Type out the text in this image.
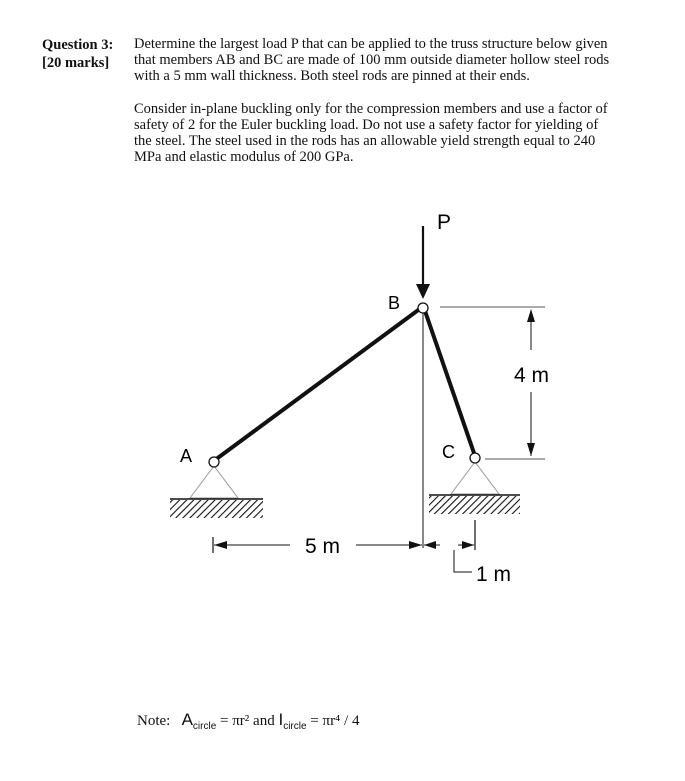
Question 3:
[20 marks]
Determine the largest load P that can be applied to the truss structure below given
that members AB and BC are made of 100 mm outside diameter hollow steel rods
with a 5 mm wall thickness. Both steel rods are pinned at their ends.
Consider in-plane buckling only for the compression members and use a factor of
safety of 2 for the Euler buckling load. Do not use a safety factor for yielding of
the steel. The steel used in the rods has an allowable yield strength equal to 240
MPa and elastic modulus of 200 GPa.
P
A
B
C
4 m
5 m
1 m
Note: $A_{circle} = \pi r^2$ and $I_{circle} = \pi r^4 / 4$
